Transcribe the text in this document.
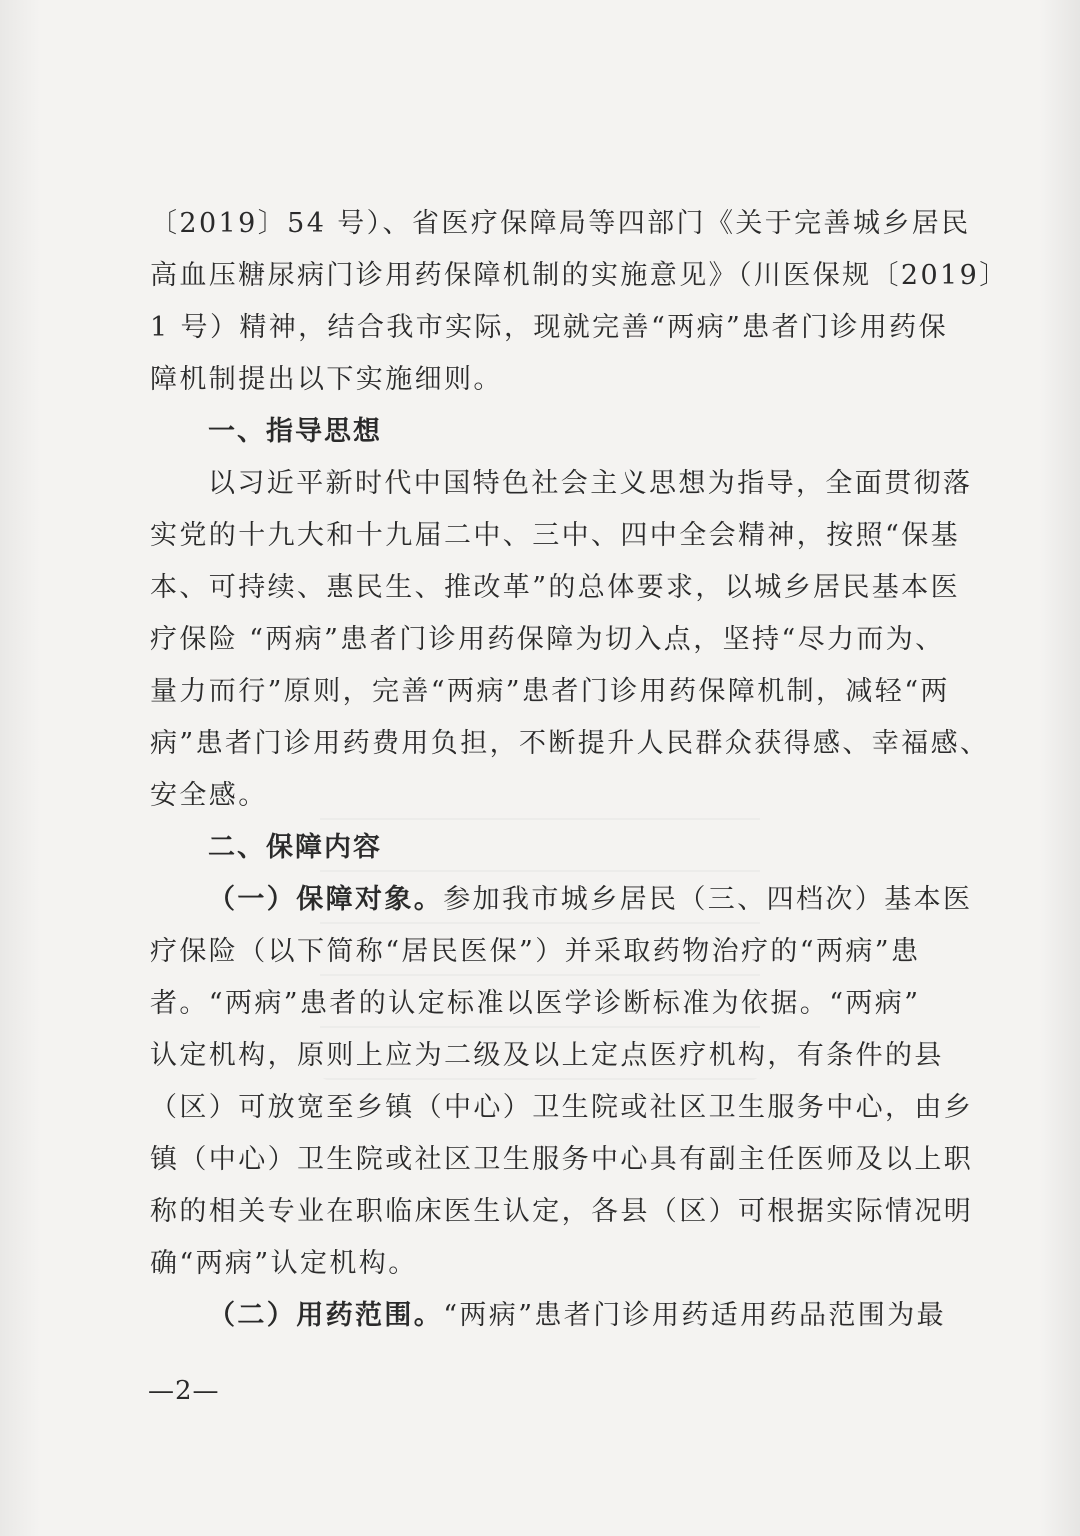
〔2019〕54 号）、省医疗保障局等四部门《关于完善城乡居民
高血压糖尿病门诊用药保障机制的实施意见》（川医保规〔2019〕
1 号）精神，结合我市实际，现就完善“两病”患者门诊用药保
障机制提出以下实施细则。
一、指导思想
以习近平新时代中国特色社会主义思想为指导，全面贯彻落
实党的十九大和十九届二中、三中、四中全会精神，按照“保基
本、可持续、惠民生、推改革”的总体要求，以城乡居民基本医
疗保险 “两病”患者门诊用药保障为切入点，坚持“尽力而为、
量力而行”原则，完善“两病”患者门诊用药保障机制，减轻“两
病”患者门诊用药费用负担，不断提升人民群众获得感、幸福感、
安全感。
二、保障内容
（一）保障对象。参加我市城乡居民（三、四档次）基本医
疗保险（以下简称“居民医保”）并采取药物治疗的“两病”患
者。“两病”患者的认定标准以医学诊断标准为依据。“两病”
认定机构，原则上应为二级及以上定点医疗机构，有条件的县
（区）可放宽至乡镇（中心）卫生院或社区卫生服务中心，由乡
镇（中心）卫生院或社区卫生服务中心具有副主任医师及以上职
称的相关专业在职临床医生认定，各县（区）可根据实际情况明
确“两病”认定机构。
（二）用药范围。“两病”患者门诊用药适用药品范围为最
—2—
